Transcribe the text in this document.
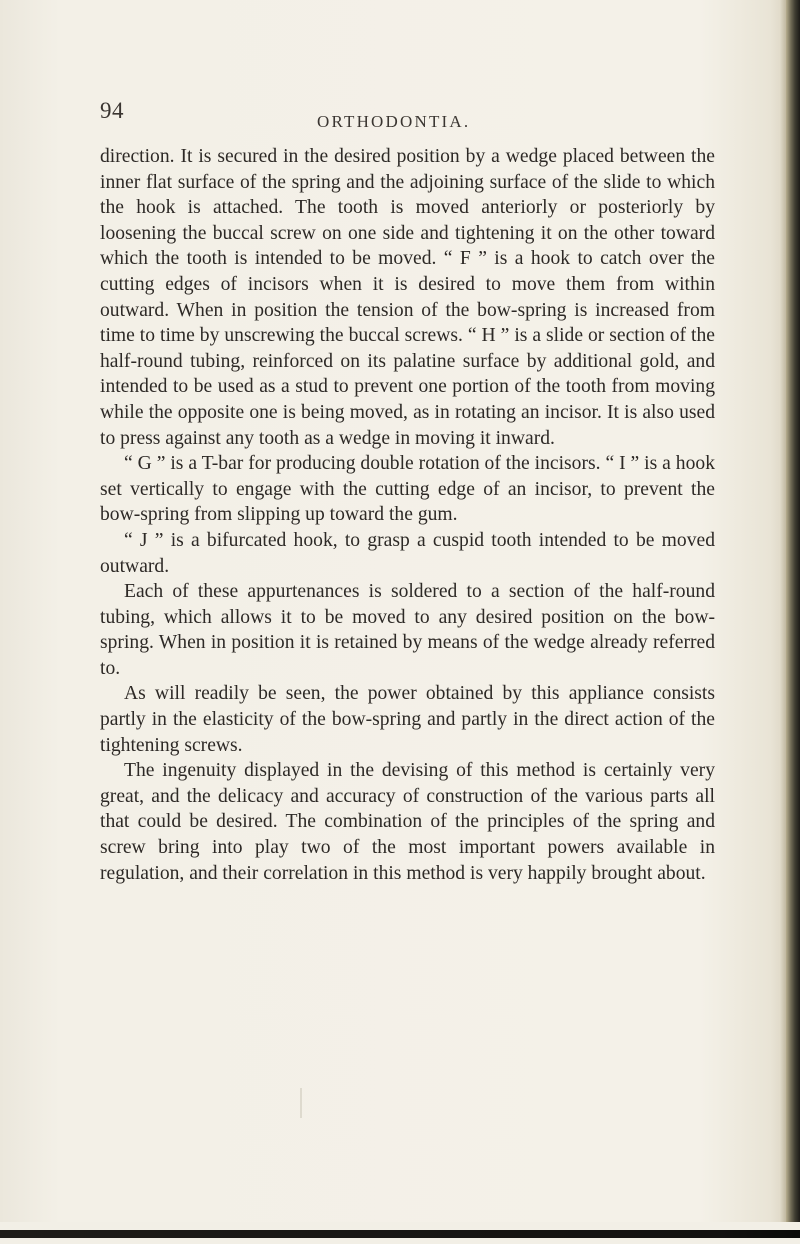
94	ORTHODONTIA.

direction. It is secured in the desired position by a wedge placed between the inner flat surface of the spring and the adjoining surface of the slide to which the hook is attached. The tooth is moved anteriorly or posteriorly by loosening the buccal screw on one side and tightening it on the other toward which the tooth is intended to be moved. “ F ” is a hook to catch over the cutting edges of incisors when it is desired to move them from within outward. When in position the tension of the bow-spring is increased from time to time by unscrewing the buccal screws. “ H ” is a slide or section of the half-round tubing, reinforced on its palatine surface by additional gold, and intended to be used as a stud to prevent one portion of the tooth from moving while the opposite one is being moved, as in rotating an incisor. It is also used to press against any tooth as a wedge in moving it inward.

“ G ” is a T-bar for producing double rotation of the incisors. “ I ” is a hook set vertically to engage with the cutting edge of an incisor, to prevent the bow-spring from slipping up toward the gum.

“ J ” is a bifurcated hook, to grasp a cuspid tooth intended to be moved outward.

Each of these appurtenances is soldered to a section of the half-round tubing, which allows it to be moved to any desired position on the bow-spring. When in position it is retained by means of the wedge already referred to.

As will readily be seen, the power obtained by this appliance consists partly in the elasticity of the bow-spring and partly in the direct action of the tightening screws.

The ingenuity displayed in the devising of this method is certainly very great, and the delicacy and accuracy of construction of the various parts all that could be desired. The combination of the principles of the spring and screw bring into play two of the most important powers available in regulation, and their correlation in this method is very happily brought about.
